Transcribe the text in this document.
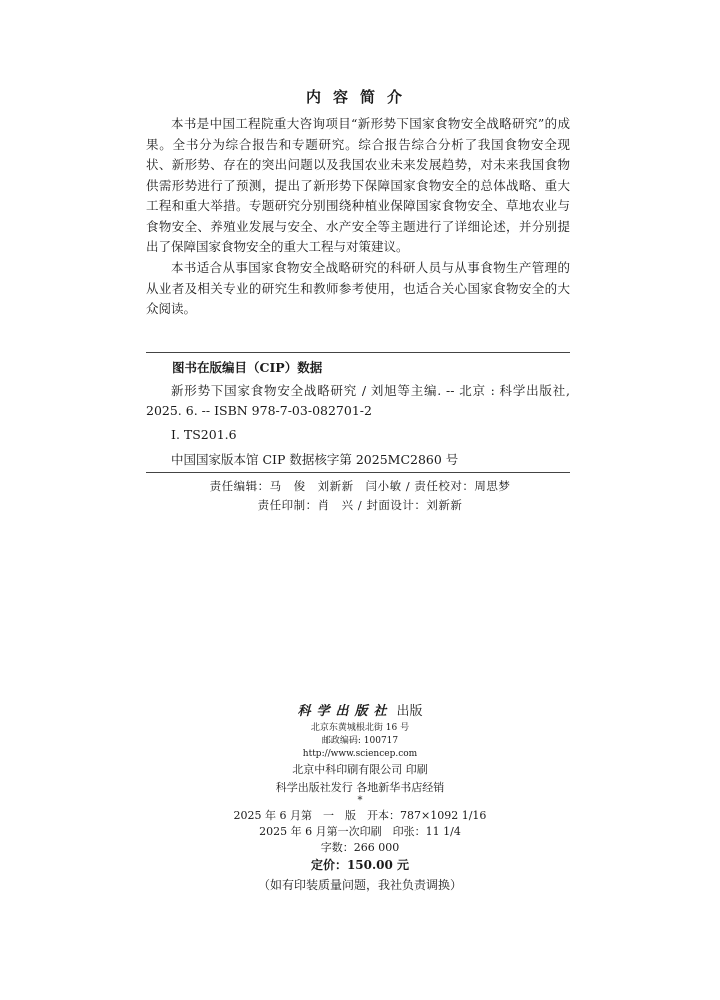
内容简介

本书是中国工程院重大咨询项目“新形势下国家食物安全战略研究”的成果。全书分为综合报告和专题研究。综合报告综合分析了我国食物安全现状、新形势、存在的突出问题以及我国农业未来发展趋势，对未来我国食物供需形势进行了预测，提出了新形势下保障国家食物安全的总体战略、重大工程和重大举措。专题研究分别围绕种植业保障国家食物安全、草地农业与食物安全、养殖业发展与安全、水产安全等主题进行了详细论述，并分别提出了保障国家食物安全的重大工程与对策建议。

本书适合从事国家食物安全战略研究的科研人员与从事食物生产管理的从业者及相关专业的研究生和教师参考使用，也适合关心国家食物安全的大众阅读。

图书在版编目（CIP）数据

新形势下国家食物安全战略研究 / 刘旭等主编. -- 北京 : 科学出版社, 2025. 6. -- ISBN 978-7-03-082701-2

Ⅰ. TS201.6

中国国家版本馆 CIP 数据核字第 2025MC2860 号

责任编辑：马　俊　刘新新　闫小敏 / 责任校对：周思梦
责任印制：肖　兴 / 封面设计：刘新新
科学出版社 出版
北京东黄城根北街 16 号
邮政编码: 100717
http://www.sciencep.com
北京中科印刷有限公司 印刷
科学出版社发行 各地新华书店经销
*
2025 年 6 月第　一　版　开本：787×1092 1/16
2025 年 6 月第一次印刷　印张：11 1/4
字数：266 000
定价：150.00 元
（如有印装质量问题，我社负责调换）
